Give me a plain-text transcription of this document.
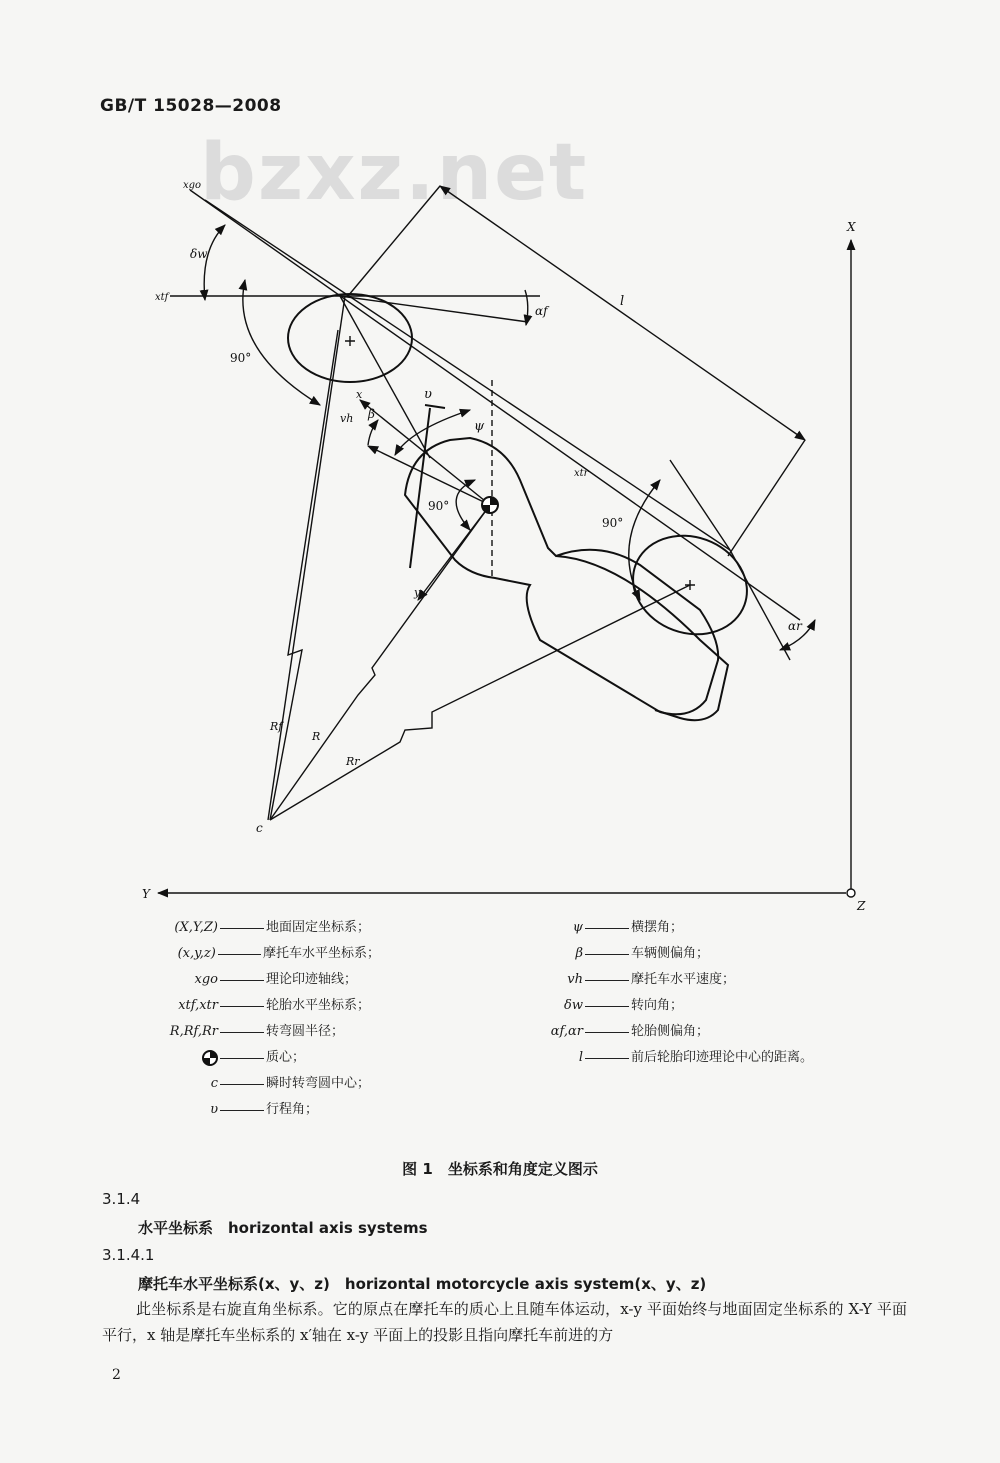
GB/T 15028—2008
bzxz.net
xgo
δw
xtf
αf
90°
l
vh β
x	υ
ψ
xtr
90°
90°
y
αr
Rf
R
Rr
c
X
Y
Z
(X,Y,Z)	地面固定坐标系；
(x,y,z)	摩托车水平坐标系；
xgo	理论印迹轴线；
xtf,xtr	轮胎水平坐标系；
R,Rf,Rr	转弯圆半径；
质心；
c	瞬时转弯圆中心；
υ	行程角；
ψ	横摆角；
β	车辆侧偏角；
vh	摩托车水平速度；
δw	转向角；
αf,αr	轮胎侧偏角；
l	前后轮胎印迹理论中心的距离。
图 1　坐标系和角度定义图示
3.1.4
水平坐标系　horizontal axis systems
3.1.4.1
摩托车水平坐标系(x、y、z)　horizontal motorcycle axis system(x、y、z)
此坐标系是右旋直角坐标系。它的原点在摩托车的质心上且随车体运动，x-y 平面始终与地面固定坐标系的 X-Y 平面平行，x 轴是摩托车坐标系的 x′轴在 x-y 平面上的投影且指向摩托车前进的方
2
